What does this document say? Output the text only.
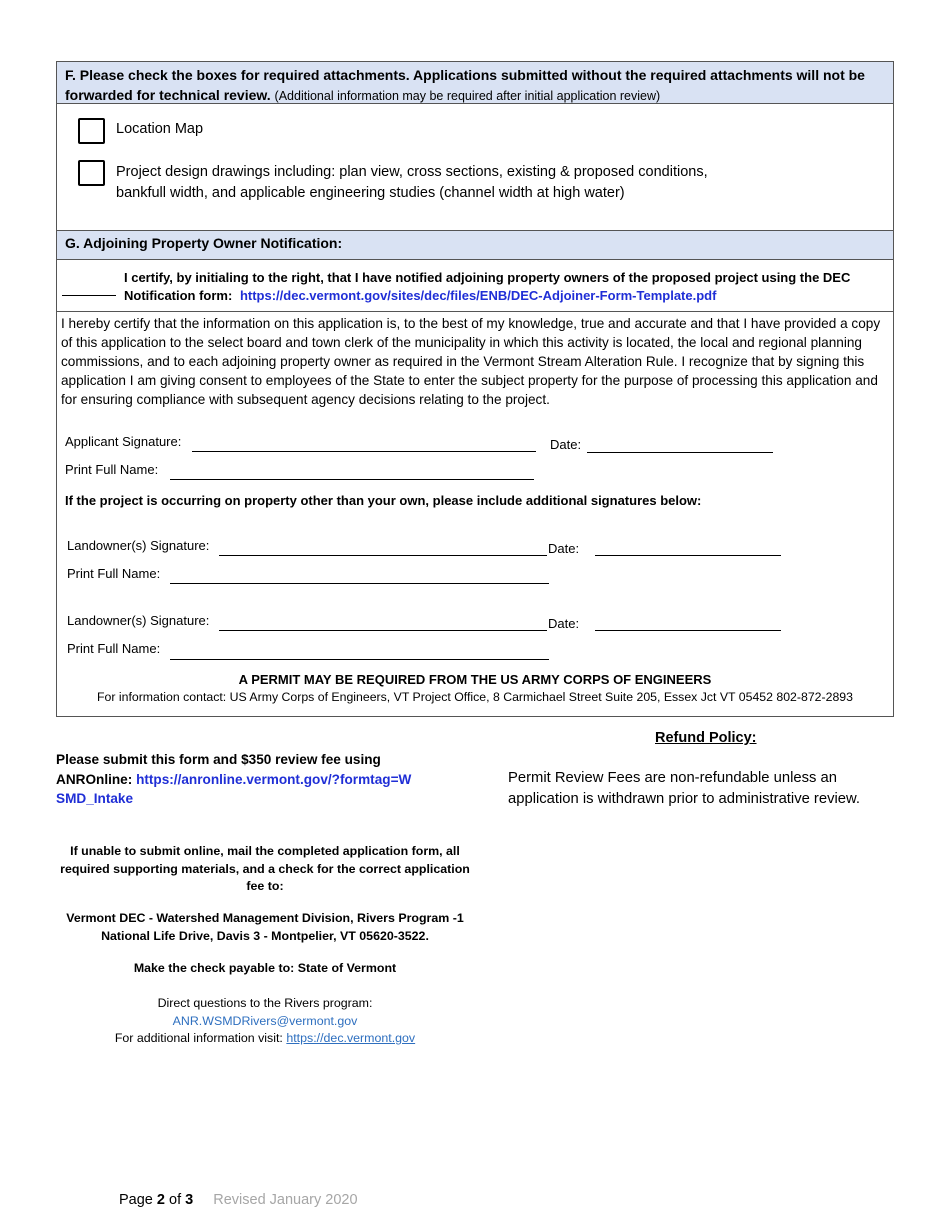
F. Please check the boxes for required attachments. Applications submitted without the required attachments will not be forwarded for technical review. (Additional information may be required after initial application review)
Location Map
Project design drawings including: plan view, cross sections, existing & proposed conditions,
bankfull width, and applicable engineering studies (channel width at high water)
G. Adjoining Property Owner Notification:
I certify, by initialing to the right, that I have notified adjoining property owners of the proposed project using the DEC Notification form: https://dec.vermont.gov/sites/dec/files/ENB/DEC-Adjoiner-Form-Template.pdf
I hereby certify that the information on this application is, to the best of my knowledge, true and accurate and that I have provided a copy of this application to the select board and town clerk of the municipality in which this activity is located, the local and regional planning commissions, and to each adjoining property owner as required in the Vermont Stream Alteration Rule. I recognize that by signing this application I am giving consent to employees of the State to enter the subject property for the purpose of processing this application and for ensuring compliance with subsequent agency decisions relating to the project.
Applicant Signature:	Date:
Print Full Name:
If the project is occurring on property other than your own, please include additional signatures below:
Landowner(s) Signature:	Date:
Print Full Name:
Landowner(s) Signature:	Date:
Print Full Name:
A PERMIT MAY BE REQUIRED FROM THE US ARMY CORPS OF ENGINEERS
For information contact: US Army Corps of Engineers, VT Project Office, 8 Carmichael Street Suite 205, Essex Jct VT 05452 802-872-2893
Please submit this form and $350 review fee using ANROnline: https://anronline.vermont.gov/?formtag=WSMD_Intake
If unable to submit online, mail the completed application form, all required supporting materials, and a check for the correct application fee to:
Vermont DEC - Watershed Management Division, Rivers Program -1 National Life Drive, Davis 3 - Montpelier, VT 05620-3522.
Make the check payable to: State of Vermont
Direct questions to the Rivers program:
ANR.WSMDRivers@vermont.gov
For additional information visit: https://dec.vermont.gov
Refund Policy:
Permit Review Fees are non-refundable unless an application is withdrawn prior to administrative review.
Page 2 of 3 Revised January 2020
